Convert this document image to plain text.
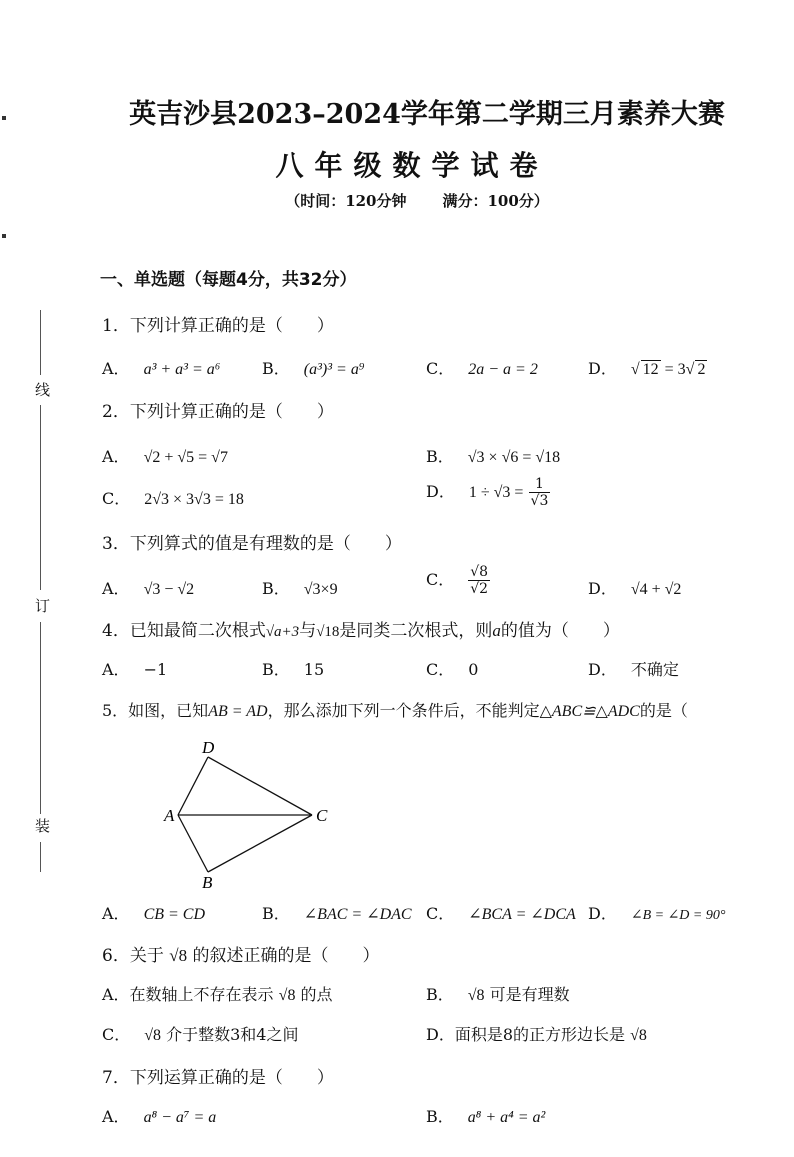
线
订
装
英吉沙县2023–2024学年第二学期三月素养大赛
八年级数学试卷
（时间：120分钟 满分：100分）
一、单选题（每题4分，共32分）
1．下列计算正确的是（　　）
A． a³ + a³ = a⁶	B． (a³)³ = a⁹	C． 2a − a = 2	D． √ 12 = 3√ 2
2．下列计算正确的是（　　）
A． √2 + √5 = √7	B． √3 × √6 = √18
C． 2√3 × 3√3 = 18	D． $1 \div √3 = \frac{1}{√3}$
3．下列算式的值是有理数的是（　　）
A． √3 − √2	B． √3×9
C． $\frac{√8}{√2}$	D． √4 + √2
4．已知最简二次根式√a+3与√18是同类二次根式，则a的值为（　　）
A． −1	B． 15	C． 0	D． 不确定
5．如图，已知AB = AD，那么添加下列一个条件后，不能判定△ABC≌△ADC的是（
D
A	C
B
A． CB = CD	B． ∠BAC = ∠DAC C． ∠BCA = ∠DCA D． ∠B = ∠D = 90°
6．关于 √8 的叙述正确的是（　　）
A．在数轴上不存在表示 √8 的点	B． √8 可是有理数
C． √8 介于整数3和4之间	D．面积是8的正方形边长是 √8
7．下列运算正确的是（　　）
A． a⁸ − a⁷ = a	B． a⁸ + a⁴ = a²
